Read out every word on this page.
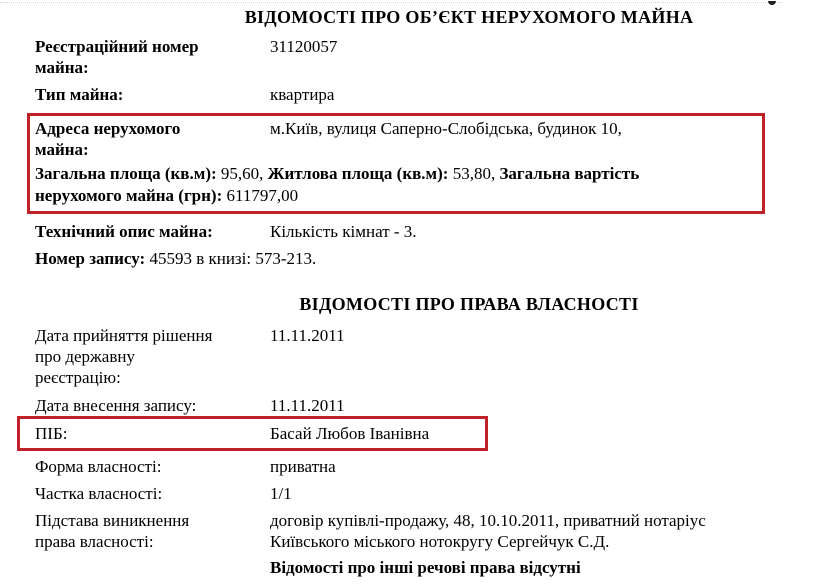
ВІДОМОСТІ ПРО ОБ’ЄКТ НЕРУХОМОГО МАЙНА
Реєстраційний номер
майна:
31120057
Тип майна:	квартира
Адреса нерухомого
майна:
м.Київ, вулиця Саперно-Слобідська, будинок 10,
Загальна площа (кв.м): 95,60, Житлова площа (кв.м): 53,80, Загальна вартість
нерухомого майна (грн): 611797,00
Технічний опис майна:	Кількість кімнат - 3.
Номер запису: 45593 в книзі: 573-213.
ВІДОМОСТІ ПРО ПРАВА ВЛАСНОСТІ
Дата прийняття рішення
про державну
реєстрацію:
11.11.2011
Дата внесення запису:	11.11.2011
ПІБ:	Басай Любов Іванівна
Форма власності:	приватна
Частка власності:	1/1
Підстава виникнення
права власності:
договір купівлі-продажу, 48, 10.10.2011, приватний нотаріус
Київського міського нотокругу Сергейчук С.Д.
Відомості про інші речові права відсутні
